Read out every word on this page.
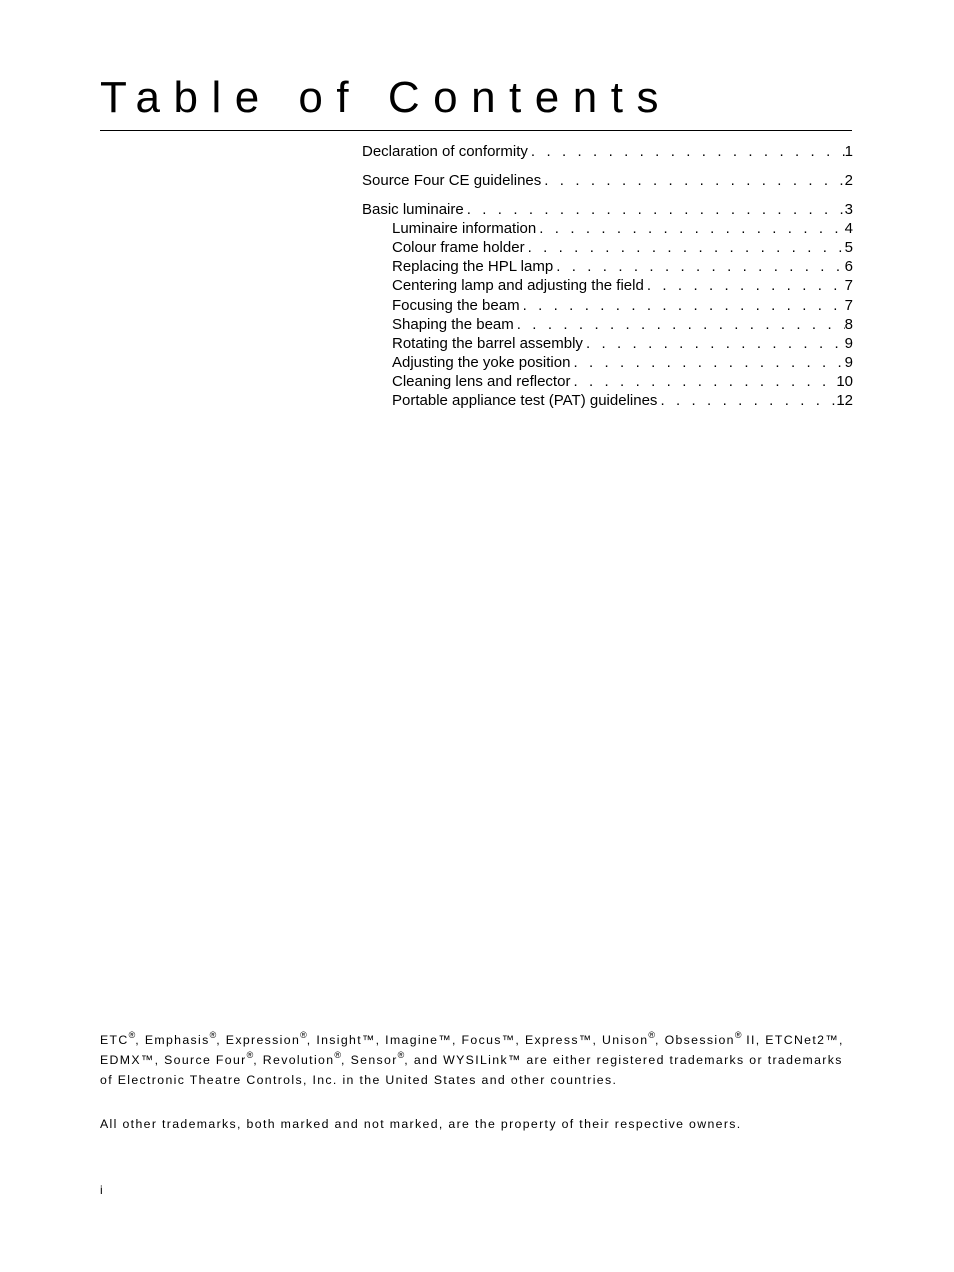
Table of Contents
Declaration of conformity . . .	1
Source Four CE guidelines . . .	2
Basic luminaire . . .	3
Luminaire information . . .	4
Colour frame holder . . .	5
Replacing the HPL lamp . . .	6
Centering lamp and adjusting the field . . .	7
Focusing the beam . . .	7
Shaping the beam . . .	8
Rotating the barrel assembly . . .	9
Adjusting the yoke position . . .	9
Cleaning lens and reflector . . .	10
Portable appliance test (PAT) guidelines . . .	12

ETC®, Emphasis®, Expression®, Insight™, Imagine™, Focus™, Express™, Unison®, Obsession® II, ETCNet2™,
EDMX™, Source Four®, Revolution®, Sensor®, and WYSILink™ are either registered trademarks or trademarks
of Electronic Theatre Controls, Inc. in the United States and other countries.

All other trademarks, both marked and not marked, are the property of their respective owners.

i
